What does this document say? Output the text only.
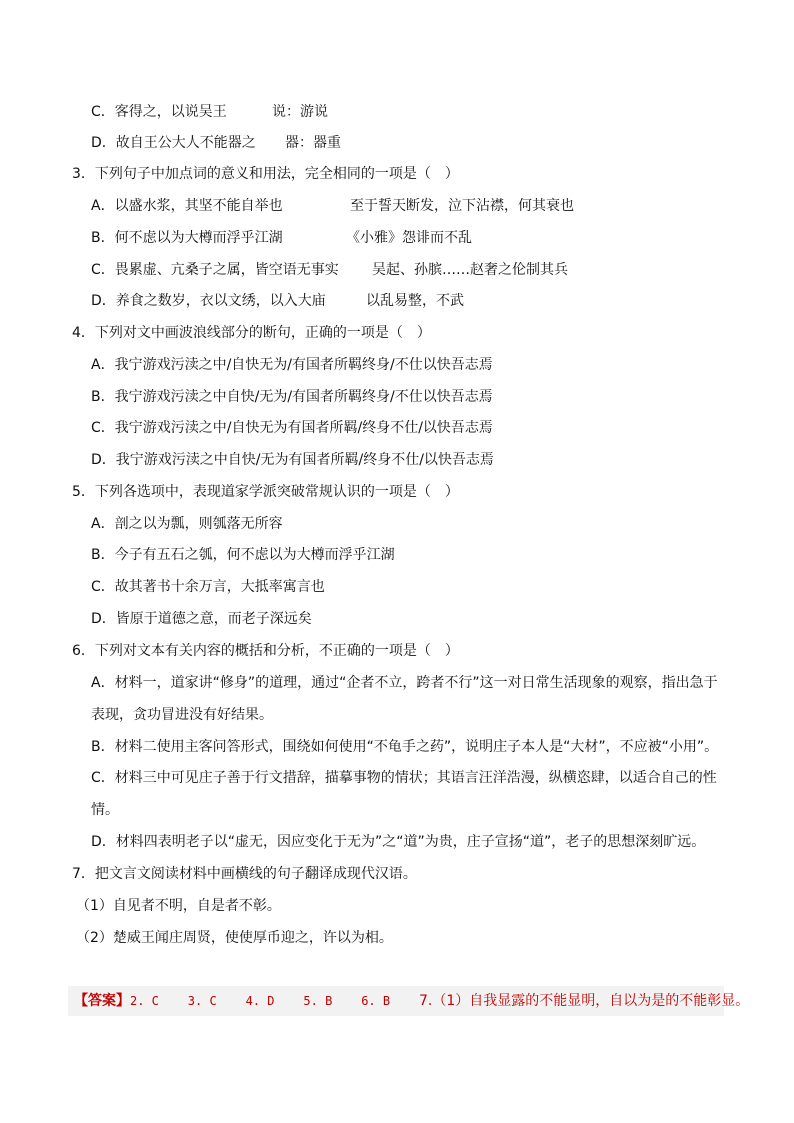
C．客得之，以说吴王	说：游说
D．故自王公大人不能器之 器：器重
3．下列句子中加点词的意义和用法，完全相同的一项是（　）
A．以盛水浆，其坚不能自举也	至于誓天断发，泣下沾襟，何其衰也
B．何不虑以为大樽而浮乎江湖	《小雅》怨诽而不乱
C．畏累虚、亢桑子之属，皆空语无事实 吴起、孙膑……赵奢之伦制其兵
D．养食之数岁，衣以文绣，以入大庙	以乱易整，不武
4．下列对文中画波浪线部分的断句，正确的一项是（　）
A．我宁游戏污渎之中/自快无为/有国者所羁终身/不仕以快吾志焉
B．我宁游戏污渎之中自快/无为/有国者所羁终身/不仕以快吾志焉
C．我宁游戏污渎之中/自快无为有国者所羁/终身不仕/以快吾志焉
D．我宁游戏污渎之中自快/无为有国者所羁/终身不仕/以快吾志焉
5．下列各选项中，表现道家学派突破常规认识的一项是（　）
A．剖之以为瓢，则瓠落无所容
B．今子有五石之瓠，何不虑以为大樽而浮乎江湖
C．故其著书十余万言，大抵率寓言也
D．皆原于道德之意，而老子深远矣
6．下列对文本有关内容的概括和分析，不正确的一项是（　）
A．材料一，道家讲“修身”的道理，通过“企者不立，跨者不行”这一对日常生活现象的观察，指出急于表现，贪功冒进没有好结果。
B．材料二使用主客问答形式，围绕如何使用“不龟手之药”，说明庄子本人是“大材”，不应被“小用”。
C．材料三中可见庄子善于行文措辞，描摹事物的情状；其语言汪洋浩漫，纵横恣肆，以适合自己的性情。
D．材料四表明老子以“虚无，因应变化于无为”之“道”为贵，庄子宣扬“道”，老子的思想深刻旷远。
7．把文言文阅读材料中画横线的句子翻译成现代汉语。
（1）自见者不明，自是者不彰。
（2）楚威王闻庄周贤，使使厚币迎之，许以为相。
【答案】2. C    3. C    4. D    5. B    6. B    7.（1）自我显露的不能显明，自以为是的不能彰显。
